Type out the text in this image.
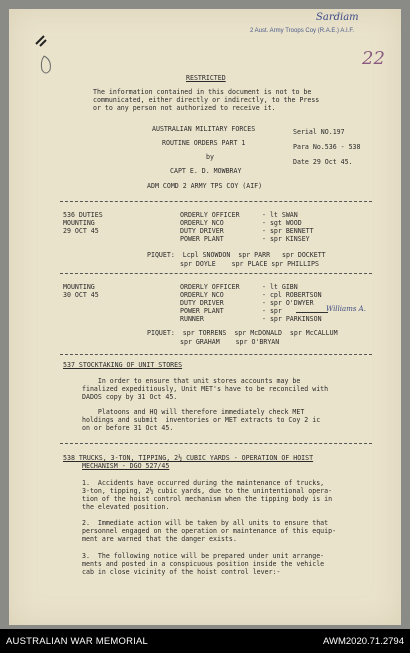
Sardiam
2 Aust. Army Troops Coy (R.A.E.) A.I.F.
22
RESTRICTED
The information contained in this document is not to be
communicated, either directly or indirectly, to the Press
or to any person not authorized to receive it.
AUSTRALIAN MILITARY FORCES
ROUTINE ORDERS PART 1
by
CAPT E. D. MOWBRAY
ADM COMD 2 ARMY TPS COY (AIF)
Serial NO.197
Para No.536 - 538
Date 29 Oct 45.
536 DUTIES
MOUNTING
29 OCT 45
ORDERLY OFFICER
ORDERLY NCO
DUTY DRIVER
POWER PLANT
- lt SWAN
- sgt WOOD
- spr BENNETT
- spr KINSEY
PIQUET:  Lcpl SNOWDON  spr PARR   spr DOCKETT
spr DOYLE    spr PLACE spr PHILLIPS
MOUNTING
30 OCT 45
ORDERLY OFFICER
ORDERLY NCO
DUTY DRIVER
POWER PLANT
RUNNER
- lt GIBN
- cpl ROBERTSON
- spr O'DWYER
- spr	Williams A.
- spr PARKINSON
PIQUET:  spr TORRENS  spr McDONALD  spr McCALLUM
spr GRAHAM    spr O'BRYAN
537 STOCKTAKING OF UNIT STORES
In order to ensure that unit stores accounts may be
finalized expeditiously, Unit MET's have to be reconciled with
DADOS copy by 31 Oct 45.
Platoons and HQ will therefore immediately check MET
holdings and submit  inventories or MET extracts to Coy 2 ic
on or before 31 Oct 45.
538 TRUCKS, 3-TON, TIPPING, 2½ CUBIC YARDS - OPERATION OF HOIST
MECHANISM - DGO 527/45
1.  Accidents have occurred during the maintenance of trucks,
3-ton, tipping, 2½ cubic yards, due to the unintentional opera-
tion of the hoist control mechanism when the tipping body is in
the elevated position.
2.  Immediate action will be taken by all units to ensure that
personnel engaged on the operation or maintenance of this equip-
ment are warned that the danger exists.
3.  The following notice will be prepared under unit arrange-
ments and posted in a conspicuous position inside the vehicle
cab in close vicinity of the hoist control lever:-
AUSTRALIAN WAR MEMORIAL	AWM2020.71.2794
